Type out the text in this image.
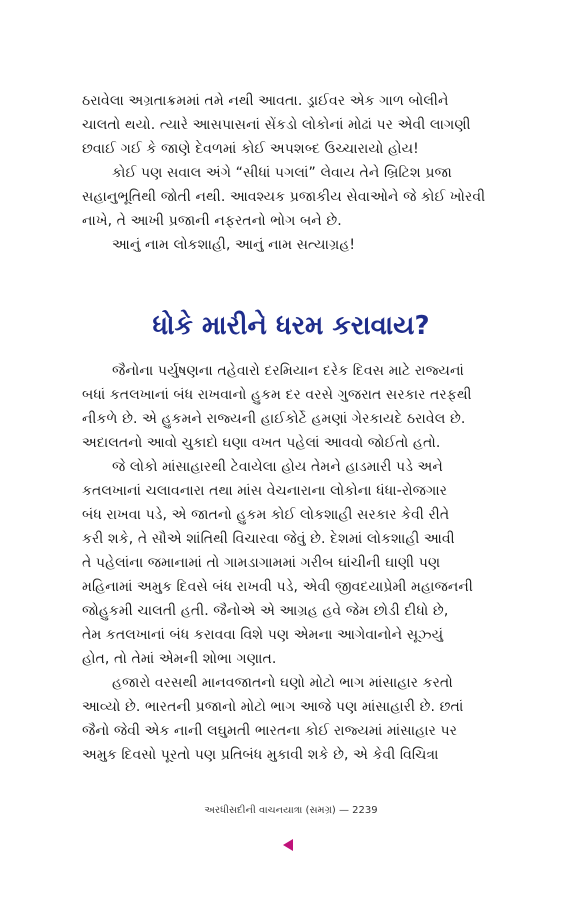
ઠરાવેલા અગ્રતાક્રમમાં તમે નથી આવતા. ડ્રાઈવર એક ગાળ બોલીને
ચાલતો થયો. ત્યારે આસપાસનાં સેંકડો લોકોનાં મોઢાં પર એવી લાગણી
છવાઈ ગઈ કે જાણે દેવળમાં કોઈ અપશબ્દ ઉચ્ચારાયો હોય!
કોઈ પણ સવાલ અંગે “સીધાં પગલાં” લેવાય તેને બ્રિટિશ પ્રજા
સહાનુભૂતિથી જોતી નથી. આવશ્યક પ્રજાકીય સેવાઓને જે કોઈ ખોરવી
નાખે, તે આખી પ્રજાની નફરતનો ભોગ બને છે.
આનું નામ લોકશાહી, આનું નામ સત્યાગ્રહ!
ધોકે મારીને ધરમ કરાવાય?
જૈનોના પર્યુષણના તહેવારો દરમિયાન દરેક દિવસ માટે રાજ્યનાં
બધાં કતલખાનાં બંધ રાખવાનો હુકમ દર વરસે ગુજરાત સરકાર તરફથી
નીકળે છે. એ હુકમને રાજ્યની હાઈકોર્ટે હમણાં ગેરકાયદે ઠરાવેલ છે.
અદાલતનો આવો ચુકાદો ઘણા વખત પહેલાં આવવો જોઈતો હતો.
જે લોકો માંસાહારથી ટેવાયેલા હોય તેમને હાડમારી પડે અને
કતલખાનાં ચલાવનારા તથા માંસ વેચનારાના લોકોના ધંધા-રોજગાર
બંધ રાખવા પડે, એ જાતનો હુકમ કોઈ લોકશાહી સરકાર કેવી રીતે
કરી શકે, તે સૌએ શાંતિથી વિચારવા જેવું છે. દેશમાં લોકશાહી આવી
તે પહેલાંના જમાનામાં તો ગામડાગામમાં ગરીબ ઘાંચીની ઘાણી પણ
મહિનામાં અમુક દિવસે બંધ રાખવી પડે, એવી જીવદયાપ્રેમી મહાજનની
જોહુકમી ચાલતી હતી. જૈનોએ એ આગ્રહ હવે જેમ છોડી દીધો છે,
તેમ કતલખાનાં બંધ કરાવવા વિશે પણ એમના આગેવાનોને સૂઝ્યું
હોત, તો તેમાં એમની શોભા ગણાત.
હજારો વરસથી માનવજાતનો ઘણો મોટો ભાગ માંસાહાર કરતો
આવ્યો છે. ભારતની પ્રજાનો મોટો ભાગ આજે પણ માંસાહારી છે. છતાં
જૈનો જેવી એક નાની લઘુમતી ભારતના કોઈ રાજ્યમાં માંસાહાર પર
અમુક દિવસો પૂરતો પણ પ્રતિબંધ મુકાવી શકે છે, એ કેવી વિચિત્રા
અરધીસદીની વાચનયાત્રા (સમગ્ર) — 2239
